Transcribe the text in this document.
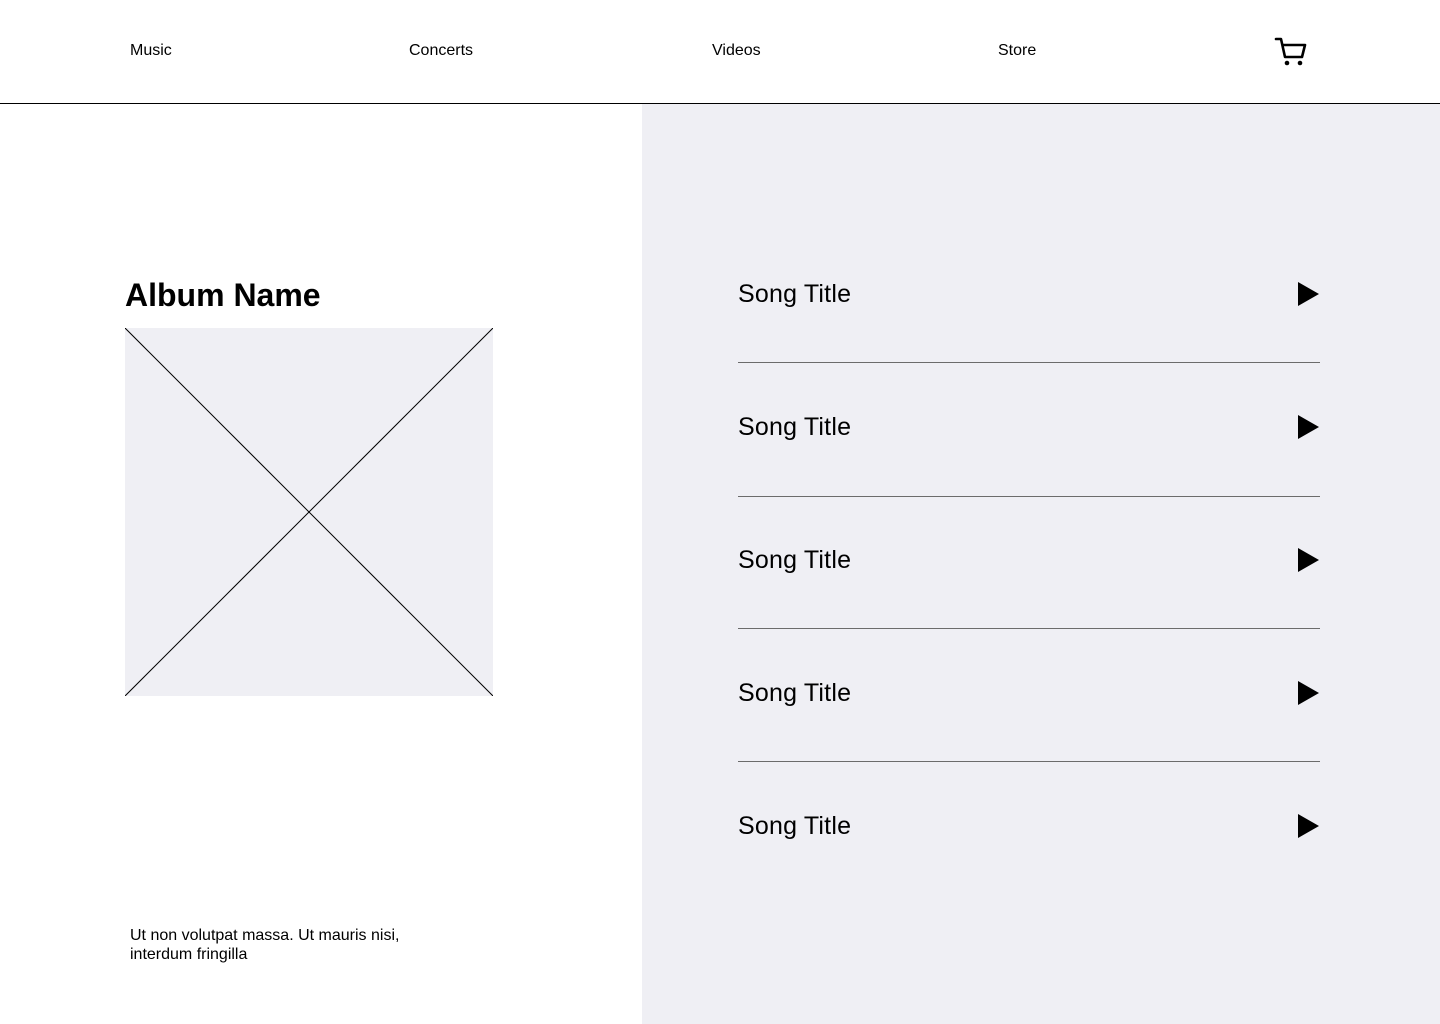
Music	Concerts	Videos	Store
Album Name

Ut non volutpat massa. Ut mauris nisi, interdum fringilla

Song Title
Song Title
Song Title
Song Title
Song Title
